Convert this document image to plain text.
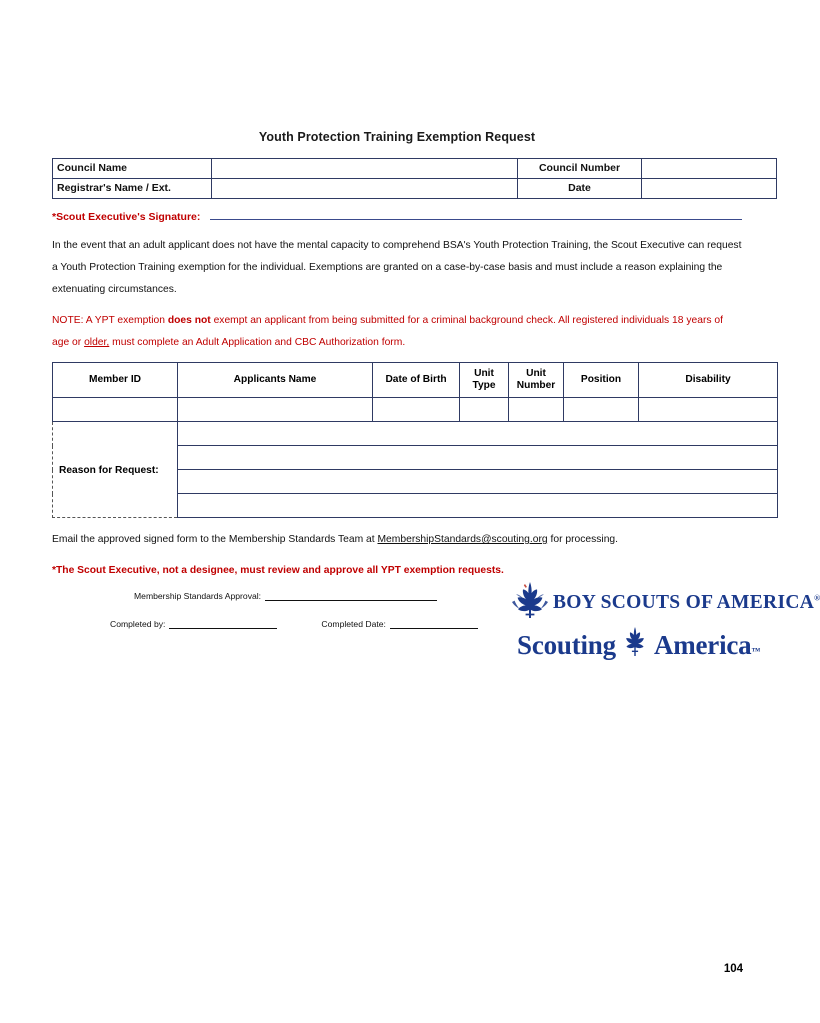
Youth Protection Training Exemption Request
Council Name		Council Number	
Registrar's Name / Ext.		Date	
*Scout Executive's Signature:
In the event that an adult applicant does not have the mental capacity to comprehend BSA's Youth Protection Training, the Scout Executive can request a Youth Protection Training exemption for the individual. Exemptions are granted on a case-by-case basis and must include a reason explaining the extenuating circumstances.
NOTE: A YPT exemption does not exempt an applicant from being submitted for a criminal background check. All registered individuals 18 years of age or older, must complete an Adult Application and CBC Authorization form.
Member ID	Applicants Name	Date of Birth	Unit Type	Unit Number	Position	Disability

Reason for Request:						

Email the approved signed form to the Membership Standards Team at MembershipStandards@scouting.org for processing.
*The Scout Executive, not a designee, must review and approve all YPT exemption requests.
Membership Standards Approval:
Completed by:	Completed Date:
BOY SCOUTS OF AMERICA®
Scouting America™
104
